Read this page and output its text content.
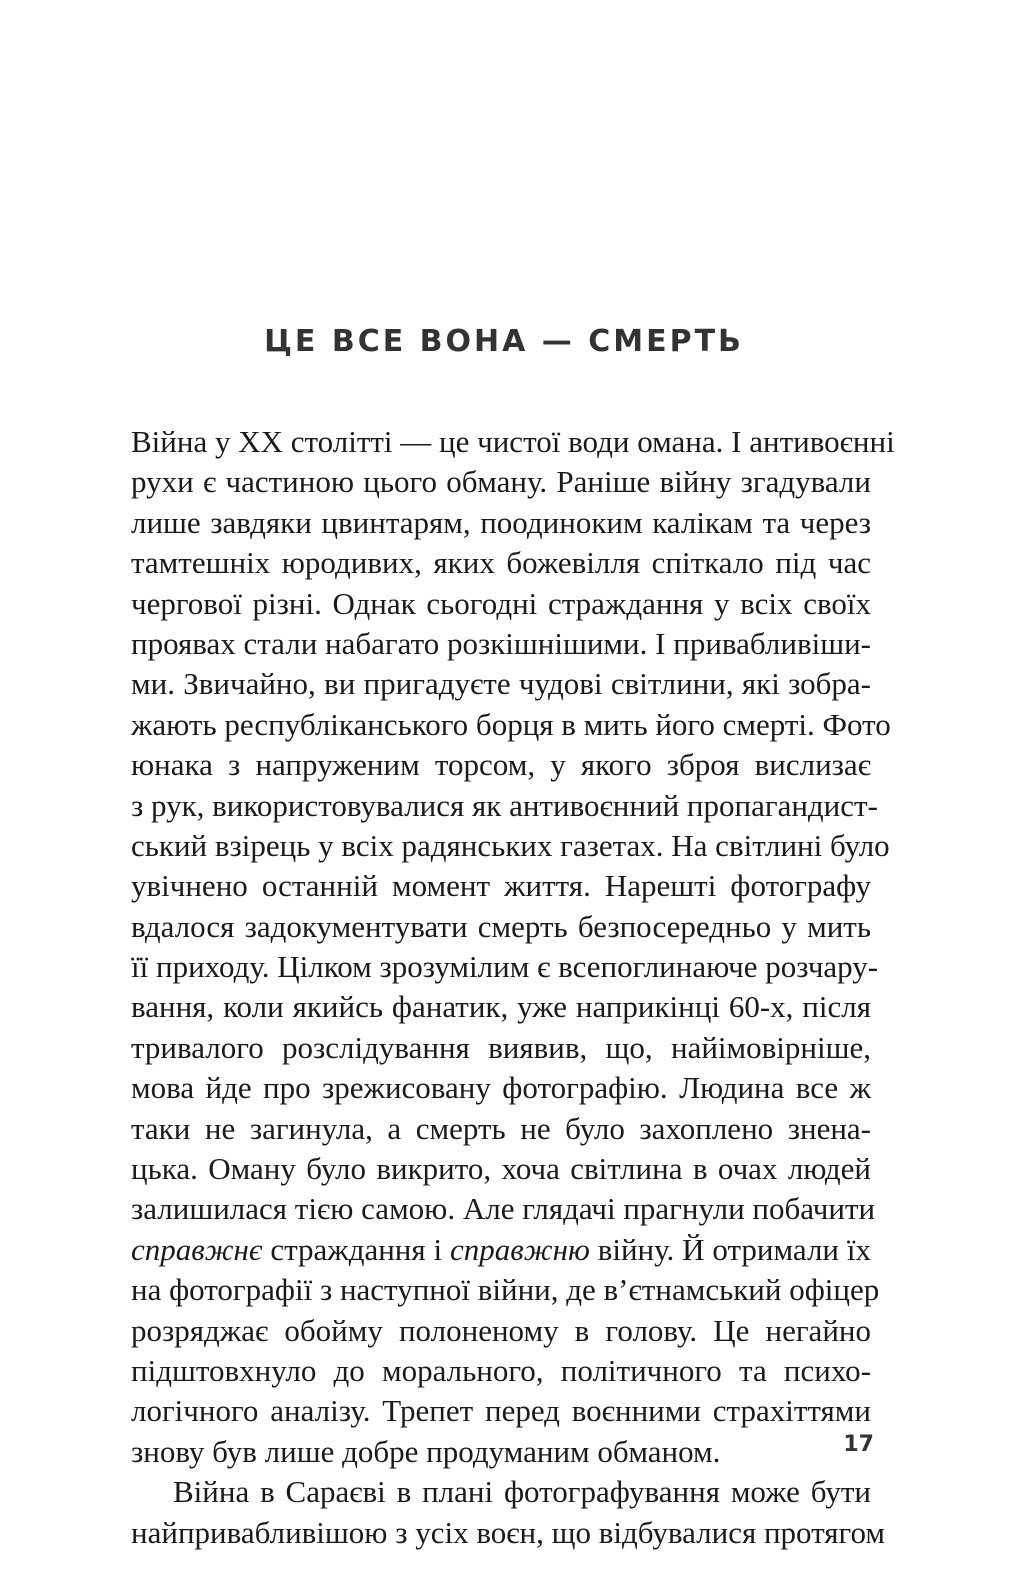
ЦЕ ВСЕ ВОНА — СМЕРТЬ
Війна у XX столітті — це чистої води омана. І антивоєнні
рухи є частиною цього обману. Раніше війну згадували
лише завдяки цвинтарям, поодиноким калікам та через
тамтешніх юродивих, яких божевілля спіткало під час
чергової різні. Однак сьогодні страждання у всіх своїх
проявах стали набагато розкішнішими. І привабливіши-
ми. Звичайно, ви пригадуєте чудові світлини, які зобра-
жають республіканського борця в мить його смерті. Фото
юнака з напруженим торсом, у якого зброя вислизає
з рук, використовувалися як антивоєнний пропагандист-
ський взірець у всіх радянських газетах. На світлині було
увічнено останній момент життя. Нарешті фотографу
вдалося задокументувати смерть безпосередньо у мить
її приходу. Цілком зрозумілим є всепоглинаюче розчару-
вання, коли якийсь фанатик, уже наприкінці 60-х, після
тривалого розслідування виявив, що, найімовірніше,
мова йде про зрежисовану фотографію. Людина все ж
таки не загинула, а смерть не було захоплено знена-
цька. Оману було викрито, хоча світлина в очах людей
залишилася тією самою. Але глядачі прагнули побачити
справжнє страждання і справжню війну. Й отримали їх
на фотографії з наступної війни, де в’єтнамський офіцер
розряджає обойму полоненому в голову. Це негайно
підштовхнуло до морального, політичного та психо-
логічного аналізу. Трепет перед воєнними страхіттями
знову був лише добре продуманим обманом.
Війна в Сараєві в плані фотографування може бути
найпривабливішою з усіх воєн, що відбувалися протягом
17
